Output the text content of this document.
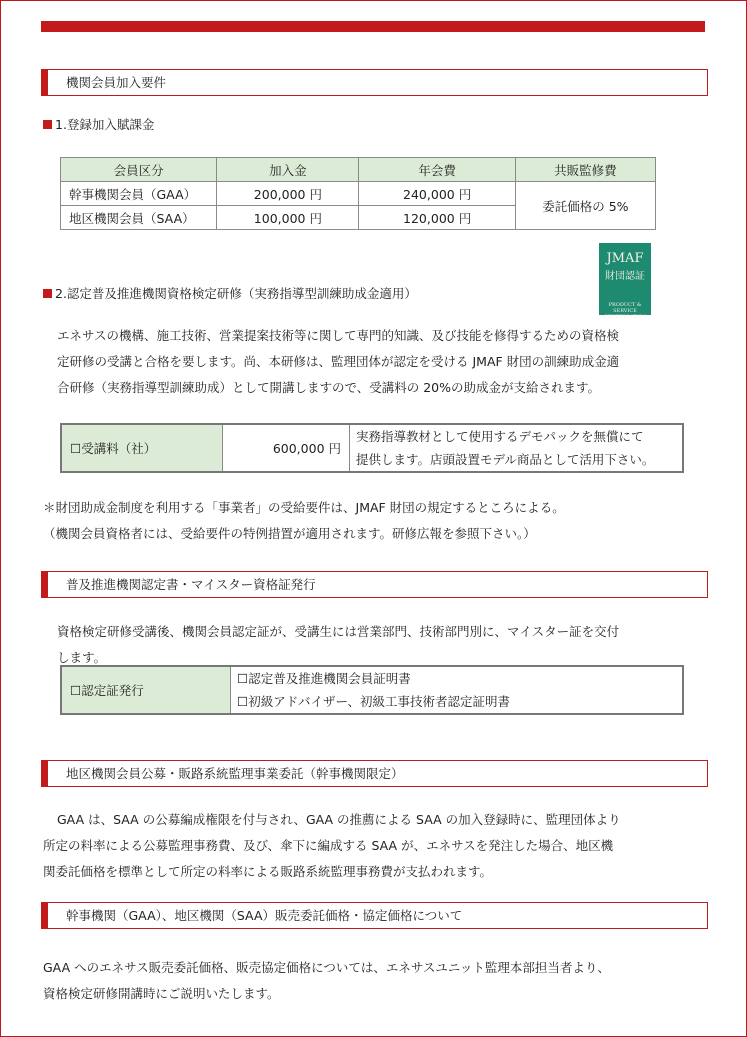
機関会員加入要件
1.登録加入賦課金
会員区分	加入金	年会費	共販監修費
幹事機関会員（GAA）	200,000 円	240,000 円	委託価格の 5%
地区機関会員（SAA）	100,000 円	120,000 円	
2.認定普及推進機関資格検定研修（実務指導型訓練助成金適用）
JMAF
財団認証
PRODUCT & SERVICE CERTIFICATION
エネサスの機構、施工技術、営業提案技術等に関して専門的知識、及び技能を修得するための資格検
定研修の受講と合格を要します。尚、本研修は、監理団体が認定を受ける JMAF 財団の訓練助成金適
合研修（実務指導型訓練助成）として開講しますので、受講料の 20%の助成金が支給されます。
☐受講料（社）	600,000 円
実務指導教材として使用するデモパックを無償にて
提供します。店頭設置モデル商品として活用下さい。
＊財団助成金制度を利用する「事業者」の受給要件は、JMAF 財団の規定するところによる。
（機関会員資格者には、受給要件の特例措置が適用されます。研修広報を参照下さい。）
普及推進機関認定書・マイスター資格証発行
資格検定研修受講後、機関会員認定証が、受講生には営業部門、技術部門別に、マイスター証を交付
します。
☐認定証発行
☐認定普及推進機関会員証明書
☐初級アドバイザー、初級工事技術者認定証明書
地区機関会員公募・販路系統監理事業委託（幹事機関限定）
GAA は、SAA の公募編成権限を付与され、GAA の推薦による SAA の加入登録時に、監理団体より
所定の料率による公募監理事務費、及び、傘下に編成する SAA が、エネサスを発注した場合、地区機
関委託価格を標準として所定の料率による販路系統監理事務費が支払われます。
幹事機関（GAA）、地区機関（SAA）販売委託価格・協定価格について
GAA へのエネサス販売委託価格、販売協定価格については、エネサスユニット監理本部担当者より、
資格検定研修開講時にご説明いたします。
